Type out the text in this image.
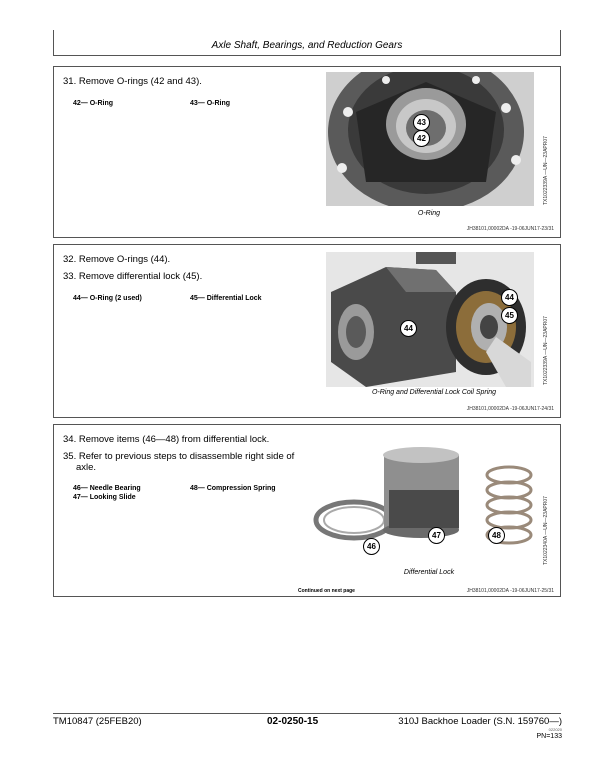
Axle Shaft, Bearings, and Reduction Gears
31. Remove O-rings (42 and 43).
42— O-Ring	43— O-Ring
43
42
O-Ring
TX1022339A —UN—23APR07
JH38101,00002DA -19-06JUN17-23/31
32. Remove O-rings (44).
33. Remove differential lock (45).
44— O-Ring (2 used)	45— Differential Lock	44
45
44
O-Ring and Differential Lock Coil Spring
TX1022339A —UN—23APR07
JH38101,00002DA -19-06JUN17-24/31
34. Remove items (46—48) from differential lock.
35. Refer to previous steps to disassemble right side of
axle.
46— Needle Bearing
47— Looking Slide
48— Compression Spring
46
47	48
Differential Lock
TX1022340A —UN—23APR07
Continued on next page	JH38101,00002DA -19-06JUN17-25/31
TM10847 (25FEB20)	02-0250-15	310J Backhoe Loader (S.N. 159760—)
022020
PN=133
